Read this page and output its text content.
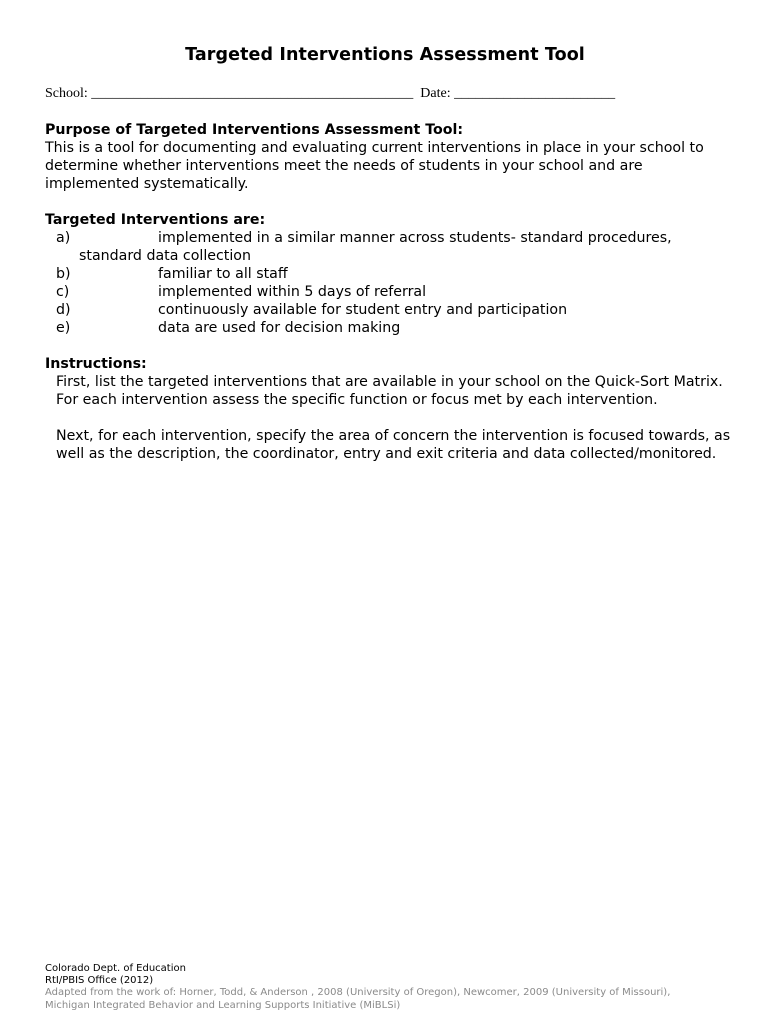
Targeted Interventions Assessment Tool
School: ______________________________________________ Date: _______________________
Purpose of Targeted Interventions Assessment Tool:
This is a tool for documenting and evaluating current interventions in place in your school to determine whether interventions meet the needs of students in your school and are implemented systematically.
Targeted Interventions are:
a)	implemented in a similar manner across students- standard procedures, standard data collection
b)	familiar to all staff
c)	implemented within 5 days of referral
d)	continuously available for student entry and participation
e)	data are used for decision making
Instructions:

First, list the targeted interventions that are available in your school on the Quick-Sort Matrix. For each intervention assess the specific function or focus met by each intervention.

Next, for each intervention, specify the area of concern the intervention is focused towards, as well as the description, the coordinator, entry and exit criteria and data collected/monitored.

Colorado Dept. of Education
RtI/PBIS Office (2012)
Adapted from the work of: Horner, Todd, & Anderson , 2008 (University of Oregon), Newcomer, 2009 (University of Missouri),
Michigan Integrated Behavior and Learning Supports Initiative (MiBLSi)
